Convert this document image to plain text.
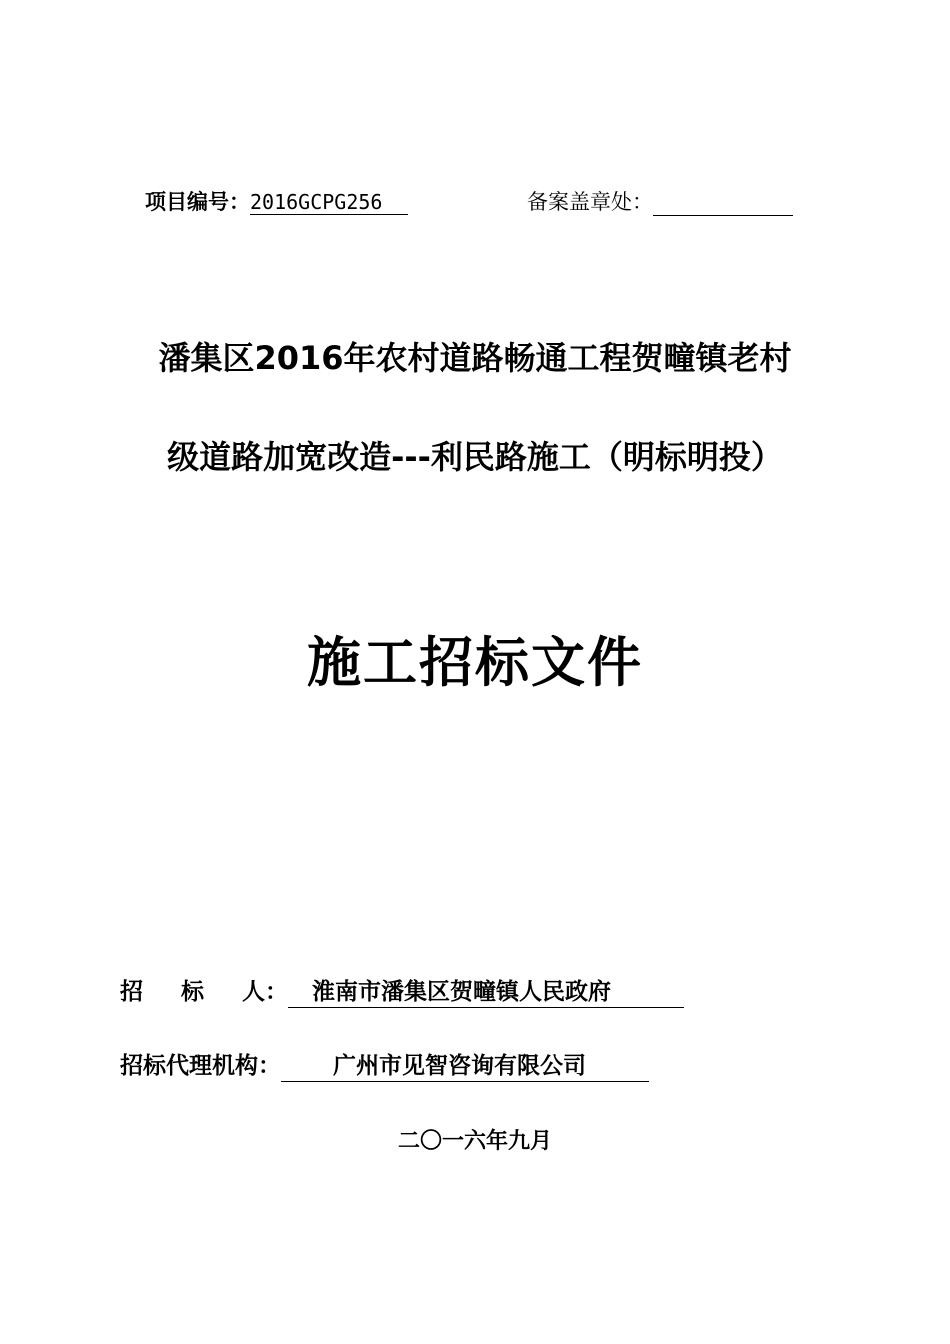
项目编号：2016GCPG256	备案盖章处：
潘集区2016年农村道路畅通工程贺疃镇老村
级道路加宽改造---利民路施工（明标明投）
施工招标文件
招 标 人： 淮南市潘集区贺疃镇人民政府
招标代理机构： 广州市见智咨询有限公司
二〇一六年九月
